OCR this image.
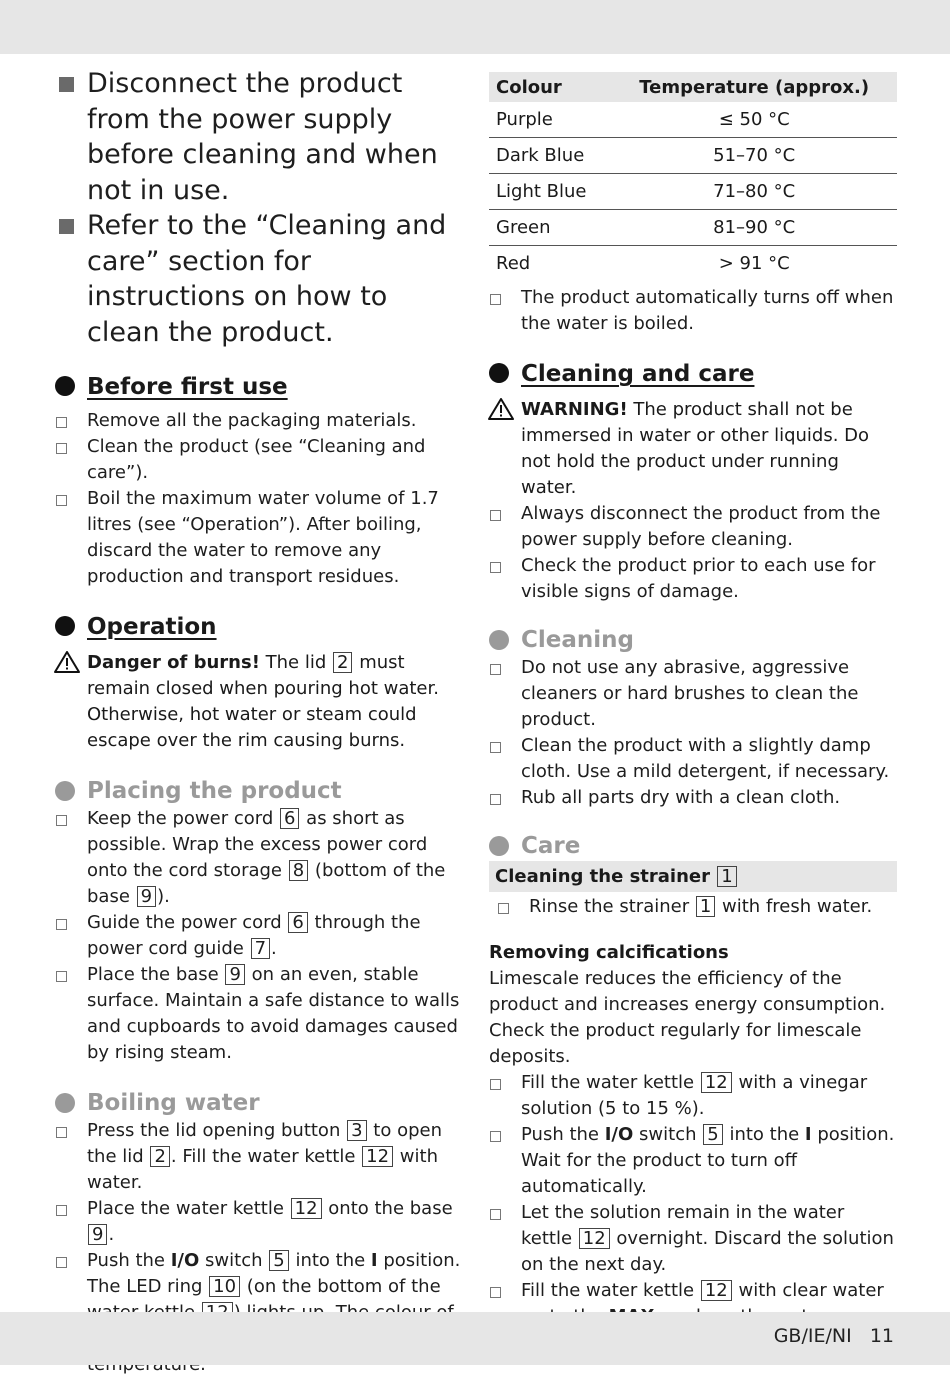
Disconnect the product from the power supply before cleaning and when not in use.
Refer to the “Cleaning and care” section for instructions on how to clean the product.
Before first use
Remove all the packaging materials.
Clean the product (see “Cleaning and care”).
Boil the maximum water volume of 1.7 litres (see “Operation”). After boiling, discard the water to remove any production and transport residues.
Operation
Danger of burns! The lid 2 must remain closed when pouring hot water. Otherwise, hot water or steam could escape over the rim causing burns.
Placing the product
Keep the power cord 6 as short as possible. Wrap the excess power cord onto the cord storage 8 (bottom of the base 9 ).
Guide the power cord 6 through the power cord guide 7 .
Place the base 9 on an even, stable surface. Maintain a safe distance to walls and cupboards to avoid damages caused by rising steam.
Boiling water
Press the lid opening button 3 to open the lid 2 . Fill the water kettle 12 with water.
Place the water kettle 12 onto the base 9 .
Push the I/O switch 5 into the I position. The LED ring 10 (on the bottom of the
Colour	Temperature (approx.)
Purple	≤ 50 °C
Dark Blue	51–70 °C
Light Blue	71–80 °C
Green	81–90 °C
Red	> 91 °C
The product automatically turns off when the water is boiled.
Cleaning and care
WARNING! The product shall not be immersed in water or other liquids. Do not hold the product under running water.
Always disconnect the product from the power supply before cleaning.
Check the product prior to each use for visible signs of damage.
Cleaning
Do not use any abrasive, aggressive cleaners or hard brushes to clean the product.
Clean the product with a slightly damp cloth. Use a mild detergent, if necessary.
Rub all parts dry with a clean cloth.
Care
Cleaning the strainer 1
Rinse the strainer 1 with fresh water.
Removing calcifications
Limescale reduces the efficiency of the product and increases energy consumption. Check the product regularly for limescale deposits.
Fill the water kettle 12 with a vinegar solution (5 to 15 %).
Push the I/O switch 5 into the I position. Wait for the product to turn off automatically.
Let the solution remain in the water kettle 12 overnight. Discard the solution on the next day.
Fill the water kettle 12 with clear water
GB/IE/NI 11
